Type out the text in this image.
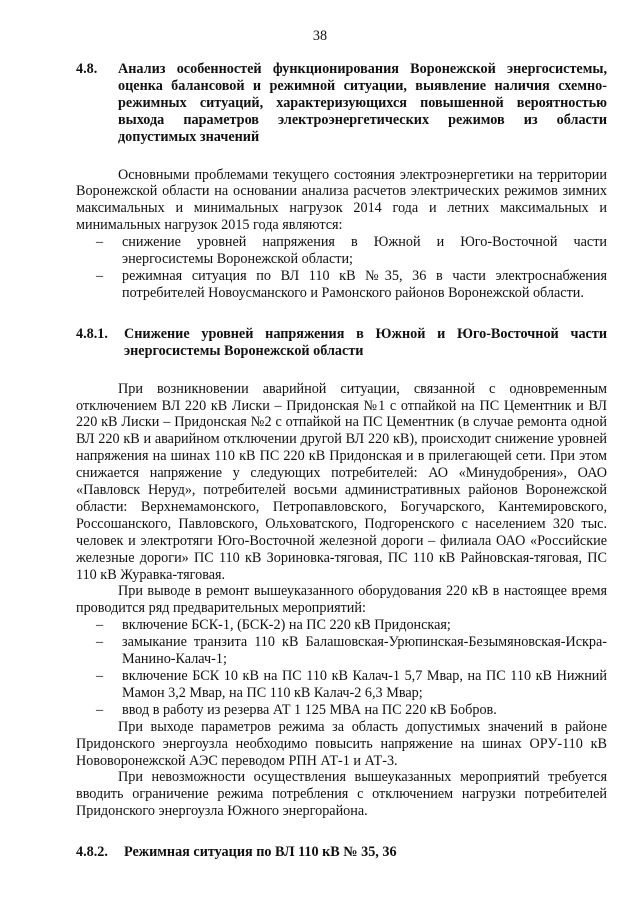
38
4.8.	Анализ особенностей функционирования Воронежской энергосистемы, оценка балансовой и режимной ситуации, выявление наличия схемно-режимных ситуаций, характеризующихся повышенной вероятностью выхода параметров электроэнергетических режимов из области допустимых значений

Основными проблемами текущего состояния электроэнергетики на территории Воронежской области на основании анализа расчетов электрических режимов зимних максимальных и минимальных нагрузок 2014 года и летних максимальных и минимальных нагрузок 2015 года являются:

– снижение уровней напряжения в Южной и Юго-Восточной части энергосистемы Воронежской области;
– режимная ситуация по ВЛ 110 кВ №35, 36 в части электроснабжения потребителей Новоусманского и Рамонского районов Воронежской области.
4.8.1.	Снижение уровней напряжения в Южной и Юго-Восточной части энергосистемы Воронежской области

При возникновении аварийной ситуации, связанной с одновременным отключением ВЛ 220 кВ Лиски – Придонская №1 с отпайкой на ПС Цементник и ВЛ 220 кВ Лиски – Придонская №2 с отпайкой на ПС Цементник (в случае ремонта одной ВЛ 220 кВ и аварийном отключении другой ВЛ 220 кВ), происходит снижение уровней напряжения на шинах 110 кВ ПС 220 кВ Придонская и в прилегающей сети. При этом снижается напряжение у следующих потребителей: АО «Минудобрения», ОАО «Павловск Неруд», потребителей восьми административных районов Воронежской области: Верхнемамонского, Петропавловского, Богучарского, Кантемировского, Россошанского, Павловского, Ольховатского, Подгоренского с населением 320 тыс. человек и электротяги Юго-Восточной железной дороги – филиала ОАО «Российские железные дороги» ПС 110 кВ Зориновка-тяговая, ПС 110 кВ Райновская-тяговая, ПС 110 кВ Журавка-тяговая.

При выводе в ремонт вышеуказанного оборудования 220 кВ в настоящее время проводится ряд предварительных мероприятий:

– включение БСК-1, (БСК-2) на ПС 220 кВ Придонская;
– замыкание транзита 110 кВ Балашовская-Урюпинская-Безымяновская-Искра-Манино-Калач-1;
– включение БСК 10 кВ на ПС 110 кВ Калач-1 5,7 Мвар, на ПС 110 кВ Нижний Мамон 3,2 Мвар, на ПС 110 кВ Калач-2 6,3 Мвар;
– ввод в работу из резерва АТ 1 125 МВА на ПС 220 кВ Бобров.

При выходе параметров режима за область допустимых значений в районе Придонского энергоузла необходимо повысить напряжение на шинах ОРУ-110 кВ Нововоронежской АЭС переводом РПН АТ-1 и АТ-3.

При невозможности осуществления вышеуказанных мероприятий требуется вводить ограничение режима потребления с отключением нагрузки потребителей Придонского энергоузла Южного энергорайона.

4.8.2.	Режимная ситуация по ВЛ 110 кВ № 35, 36
